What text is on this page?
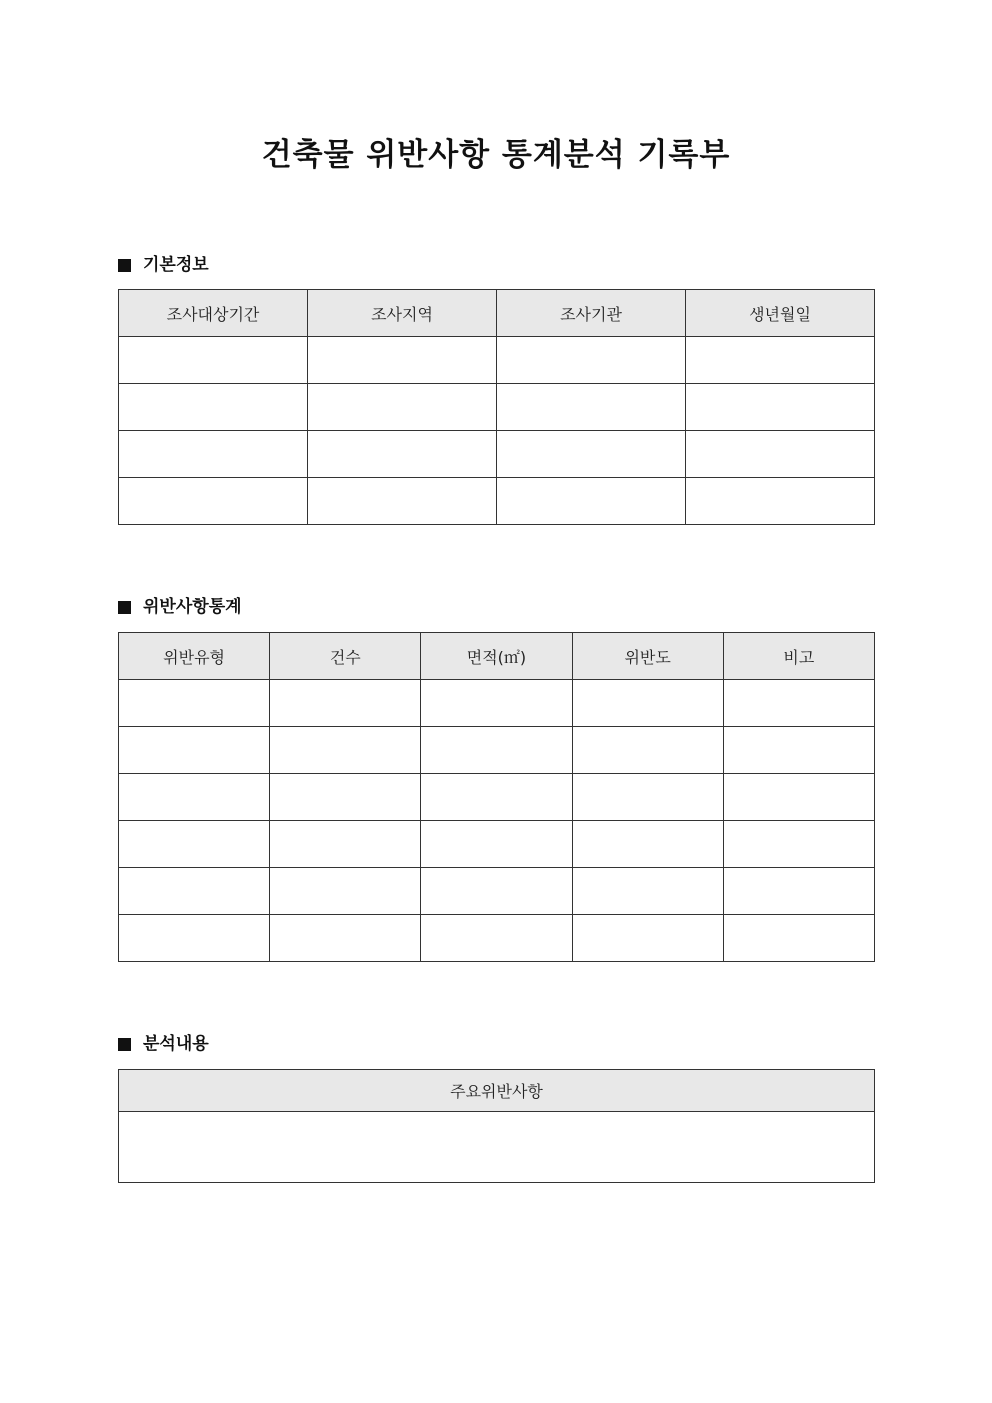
건축물 위반사항 통계분석 기록부
기본정보
조사대상기간	조사지역	조사기관	생년월일

위반사항통계
위반유형	건수	면적(㎡)	위반도	비고

분석내용
주요위반사항
